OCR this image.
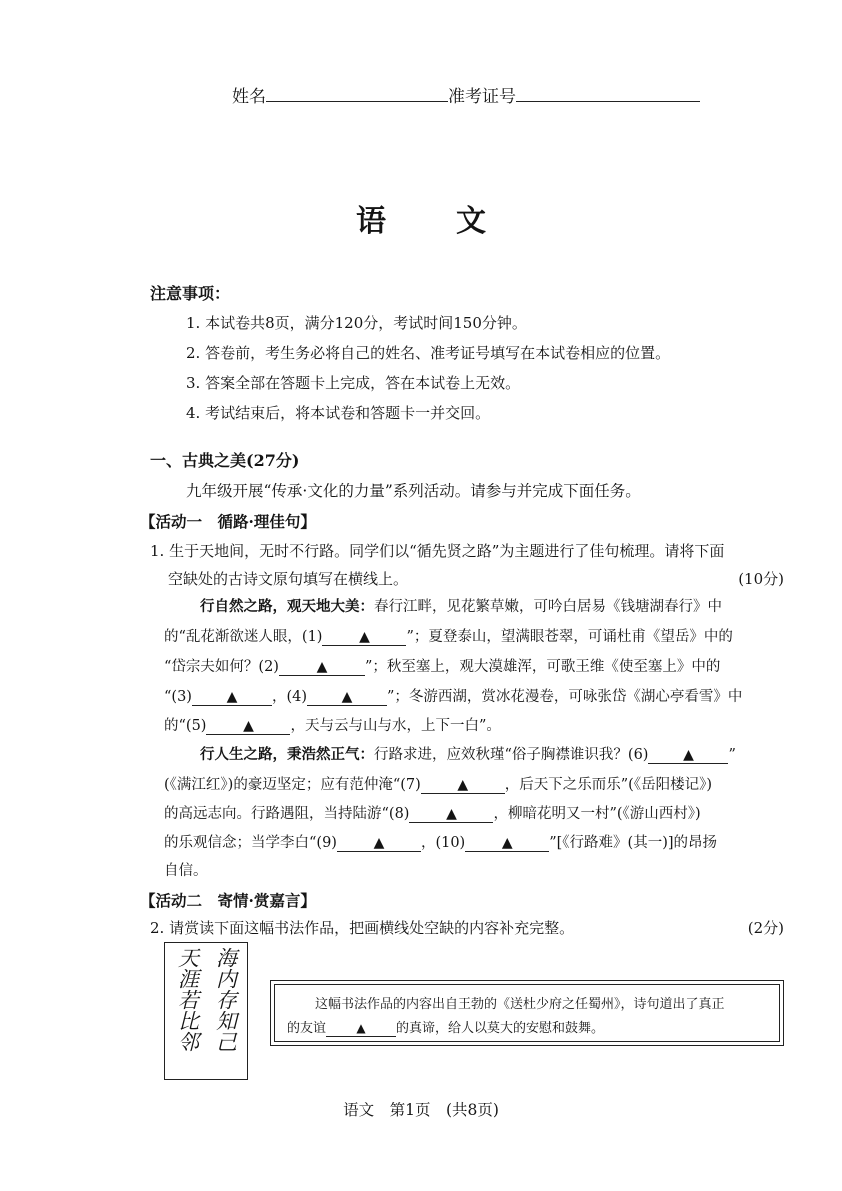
姓名	准考证号
语文
注意事项：
1. 本试卷共8页，满分120分，考试时间150分钟。
2. 答卷前，考生务必将自己的姓名、准考证号填写在本试卷相应的位置。
3. 答案全部在答题卡上完成，答在本试卷上无效。
4. 考试结束后，将本试卷和答题卡一并交回。
一、古典之美(27分)
九年级开展“传承·文化的力量”系列活动。请参与并完成下面任务。
【活动一　循路·理佳句】
1. 生于天地间，无时不行路。同学们以“循先贤之路”为主题进行了佳句梳理。请将下面
空缺处的古诗文原句填写在横线上。	(10分)
行自然之路，观天地大美：春行江畔，见花繁草嫩，可吟白居易《钱塘湖春行》中
的“乱花渐欲迷人眼，(1)	▲	”；夏登泰山，望满眼苍翠，可诵杜甫《望岳》中的
“岱宗夫如何？(2)	▲	”；秋至塞上，观大漠雄浑，可歌王维《使至塞上》中的
“(3) ▲ ，(4) ▲ ”；冬游西湖，赏冰花漫卷，可咏张岱《湖心亭看雪》中
的“(5)	▲	，天与云与山与水，上下一白”。
行人生之路，秉浩然正气：行路求进，应效秋瑾“俗子胸襟谁识我？(6) ▲ ”
(《满江红》)的豪迈坚定；应有范仲淹“(7)	▲	，后天下之乐而乐”(《岳阳楼记》)
的高远志向。行路遇阻，当持陆游“(8)	▲	，柳暗花明又一村”(《游山西村》)
的乐观信念；当学李白“(9)	▲	，(10)	▲	”[《行路难》(其一)]的昂扬
自信。
【活动二　寄情·赏嘉言】
2. 请赏读下面这幅书法作品，把画横线处空缺的内容补充完整。	(2分)
海内存知己
天涯若比邻	这幅书法作品的内容出自王勃的《送杜少府之任蜀州》，诗句道出了真正
的友谊	▲ 的真谛，给人以莫大的安慰和鼓舞。
语文　第1页　(共8页)
